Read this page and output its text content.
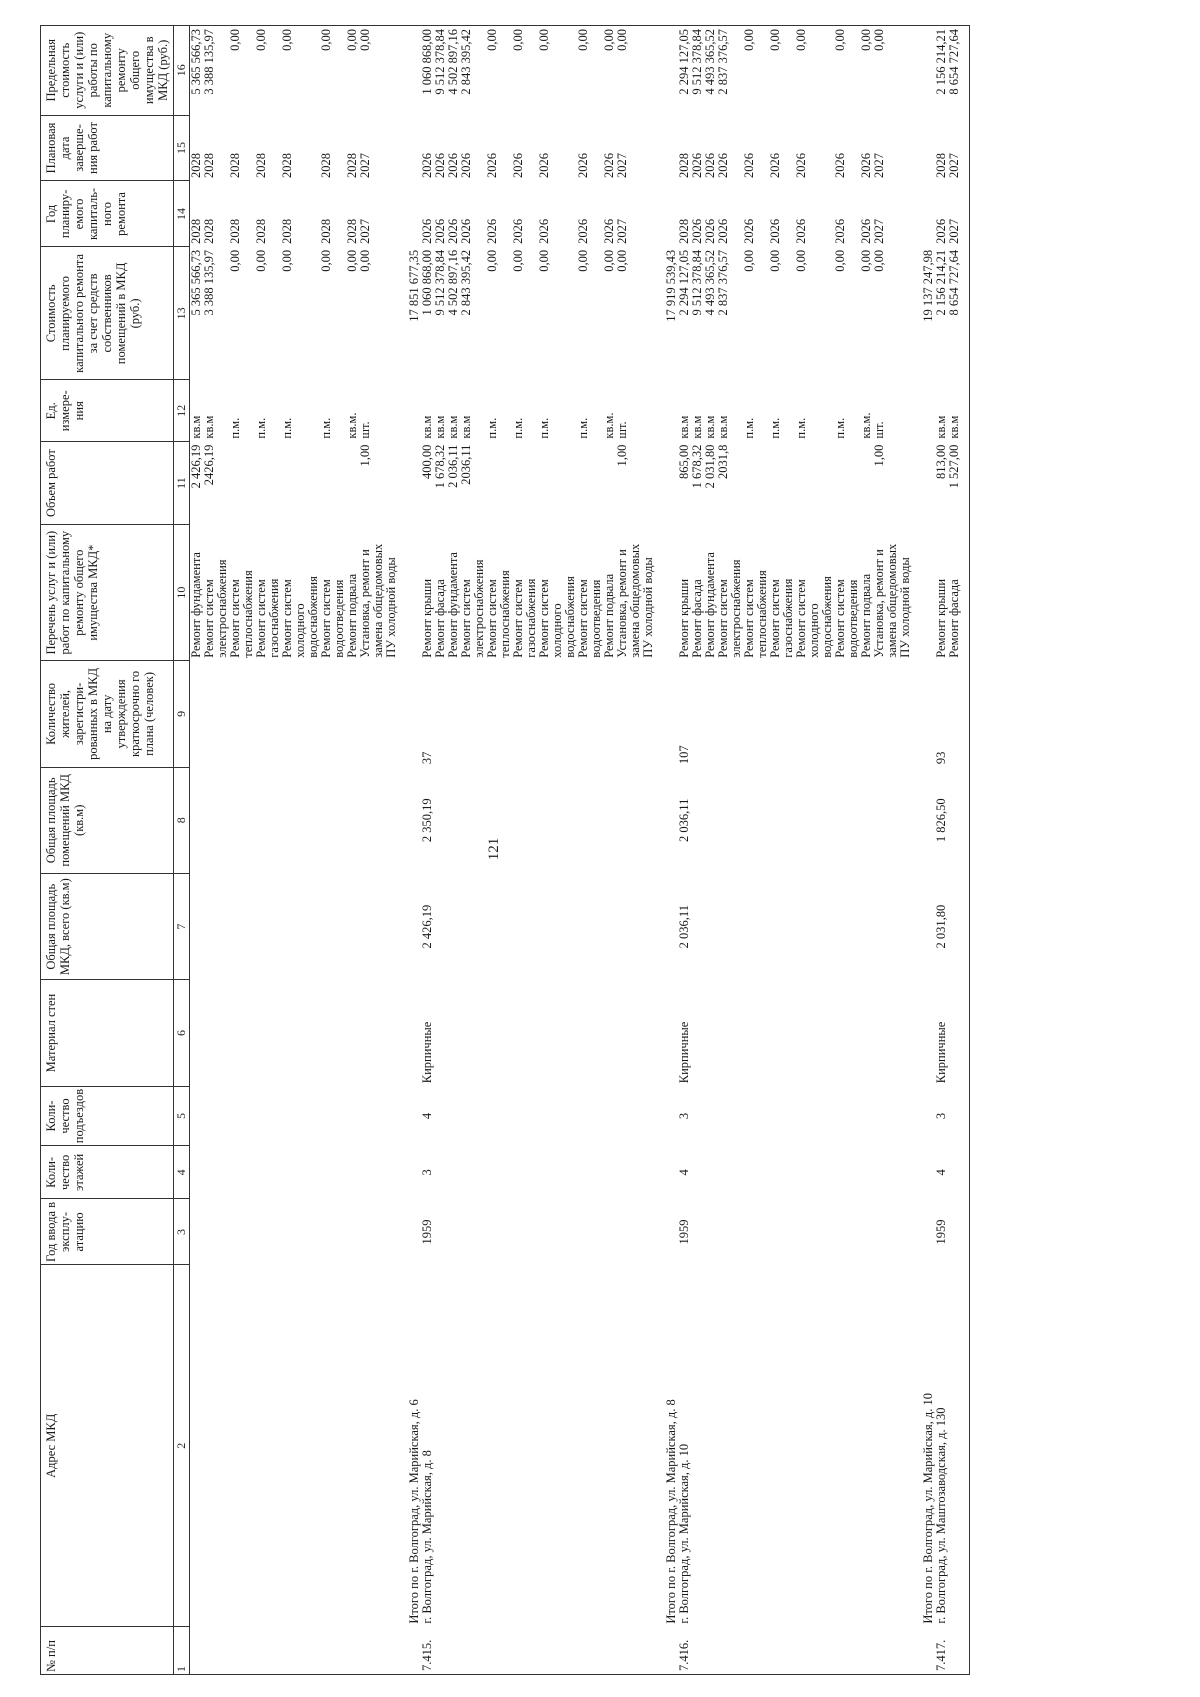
121
№ п/п	Адрес МКД	Год ввода в эксплу-атацию	Коли-чество этажей	Коли-чество подъездов	Материал стен	Общая площадь МКД, всего (кв.м)	Общая площадь помещений МКД (кв.м)	Количество жителей, зарегистри-рованных в МКД на дату утверждения краткосрочно го плана (человек)	Перечень услуг и (или) работ по капитальному ремонту общего имущества МКД*	Объем работ	Ед. измере-ния	Стоимость планируемого капитального ремонта за счет средств собственников помещений в МКД (руб.)	Год планиру-емого капиталь-ного ремонта	Плановая дата заверше-ния работ	Предельная стоимость услуги и (или) работы по капитальному ремонту общего имущества в МКД (руб.)
1	2	3	4	5	6	7	8	9	10	11	12	13	14	15	16
									Ремонт фундамента	2 426,19	кв.м	5 365 566,73	2028	2028	5 365 566,73
									Ремонт систем электроснабжения	2426,19	кв.м	3 388 135,97	2028	2028	3 388 135,97
									Ремонт систем теплоснабжения		п.м.	0,00	2028	2028	0,00
									Ремонт систем газоснабжения		п.м.	0,00	2028	2028	0,00
									Ремонт систем холодного водоснабжения		п.м.	0,00	2028	2028	0,00
									Ремонт систем водоотведения		п.м.	0,00	2028	2028	0,00
									Ремонт подвала		кв.м.	0,00	2028	2028	0,00
									Установка, ремонт и замена общедомовых ПУ холодной воды	1,00	шт.	0,00	2027	2027	0,00

	Итого по г. Волгоград, ул. Марийская, д. 6											17 851 677,35			
7.415.	г. Волгоград, ул. Марийская, д. 8	1959	3	4	Кирпичные	2 426,19	2 350,19	37	Ремонт крыши	400,00	кв.м	1 060 868,00	2026	2026	1 060 868,00
									Ремонт фасада	1 678,32	кв.м	9 512 378,84	2026	2026	9 512 378,84
									Ремонт фундамента	2 036,11	кв.м	4 502 897,16	2026	2026	4 502 897,16
									Ремонт систем электроснабжения	2036,11	кв.м	2 843 395,42	2026	2026	2 843 395,42
									Ремонт систем теплоснабжения		п.м.	0,00	2026	2026	0,00
									Ремонт систем газоснабжения		п.м.	0,00	2026	2026	0,00
									Ремонт систем холодного водоснабжения		п.м.	0,00	2026	2026	0,00
									Ремонт систем водоотведения		п.м.	0,00	2026	2026	0,00
									Ремонт подвала		кв.м.	0,00	2026	2026	0,00
									Установка, ремонт и замена общедомовых ПУ холодной воды	1,00	шт.	0,00	2027	2027	0,00

	Итого по г. Волгоград, ул. Марийская, д. 8											17 919 539,43			
7.416.	г. Волгоград, ул. Марийская, д. 10	1959	4	3	Кирпичные	2 036,11	2 036,11	107	Ремонт крыши	865,00	кв.м	2 294 127,05	2028	2028	2 294 127,05
									Ремонт фасада	1 678,32	кв.м	9 512 378,84	2026	2026	9 512 378,84
									Ремонт фундамента	2 031,80	кв.м	4 493 365,52	2026	2026	4 493 365,52
									Ремонт систем электроснабжения	2031,8	кв.м	2 837 376,57	2026	2026	2 837 376,57
									Ремонт систем теплоснабжения		п.м.	0,00	2026	2026	0,00
									Ремонт систем газоснабжения		п.м.	0,00	2026	2026	0,00
									Ремонт систем холодного водоснабжения		п.м.	0,00	2026	2026	0,00
									Ремонт систем водоотведения		п.м.	0,00	2026	2026	0,00
									Ремонт подвала		кв.м.	0,00	2026	2026	0,00
									Установка, ремонт и замена общедомовых ПУ холодной воды	1,00	шт.	0,00	2027	2027	0,00

	Итого по г. Волгоград, ул. Марийская, д. 10											19 137 247,98			
7.417.	г. Волгоград, ул. Маштозаводская, д. 130	1959	4	3	Кирпичные	2 031,80	1 826,50	93	Ремонт крыши	813,00	кв.м	2 156 214,21	2026	2028	2 156 214,21
									Ремонт фасада	1 527,00	кв.м	8 654 727,64	2027	2027	8 654 727,64
